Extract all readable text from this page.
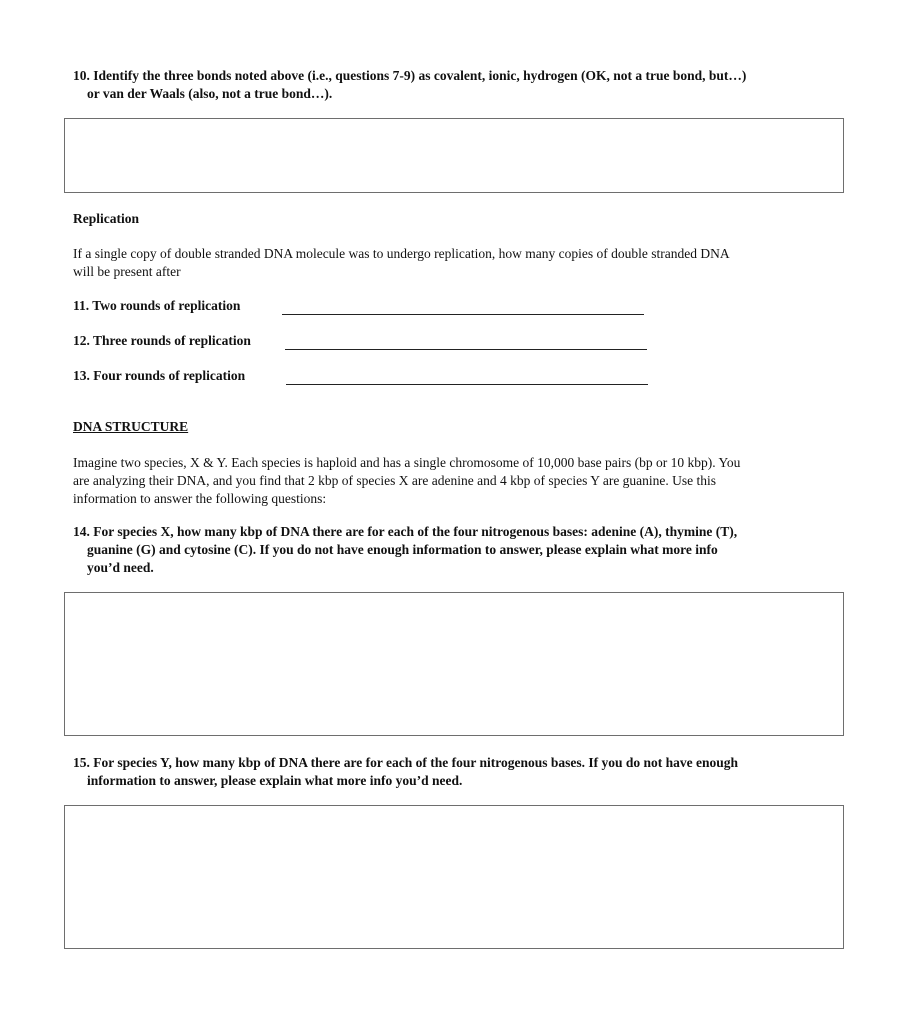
10. Identify the three bonds noted above (i.e., questions 7-9) as covalent, ionic, hydrogen (OK, not a true bond, but…)
or van der Waals (also, not a true bond…).
Replication
If a single copy of double stranded DNA molecule was to undergo replication, how many copies of double stranded DNA
will be present after
11. Two rounds of replication
12. Three rounds of replication
13. Four rounds of replication
DNA STRUCTURE
Imagine two species, X & Y. Each species is haploid and has a single chromosome of 10,000 base pairs (bp or 10 kbp). You
are analyzing their DNA, and you find that 2 kbp of species X are adenine and 4 kbp of species Y are guanine. Use this
information to answer the following questions:
14. For species X, how many kbp of DNA there are for each of the four nitrogenous bases: adenine (A), thymine (T),
guanine (G) and cytosine (C). If you do not have enough information to answer, please explain what more info
you’d need.
15. For species Y, how many kbp of DNA there are for each of the four nitrogenous bases. If you do not have enough
information to answer, please explain what more info you’d need.
